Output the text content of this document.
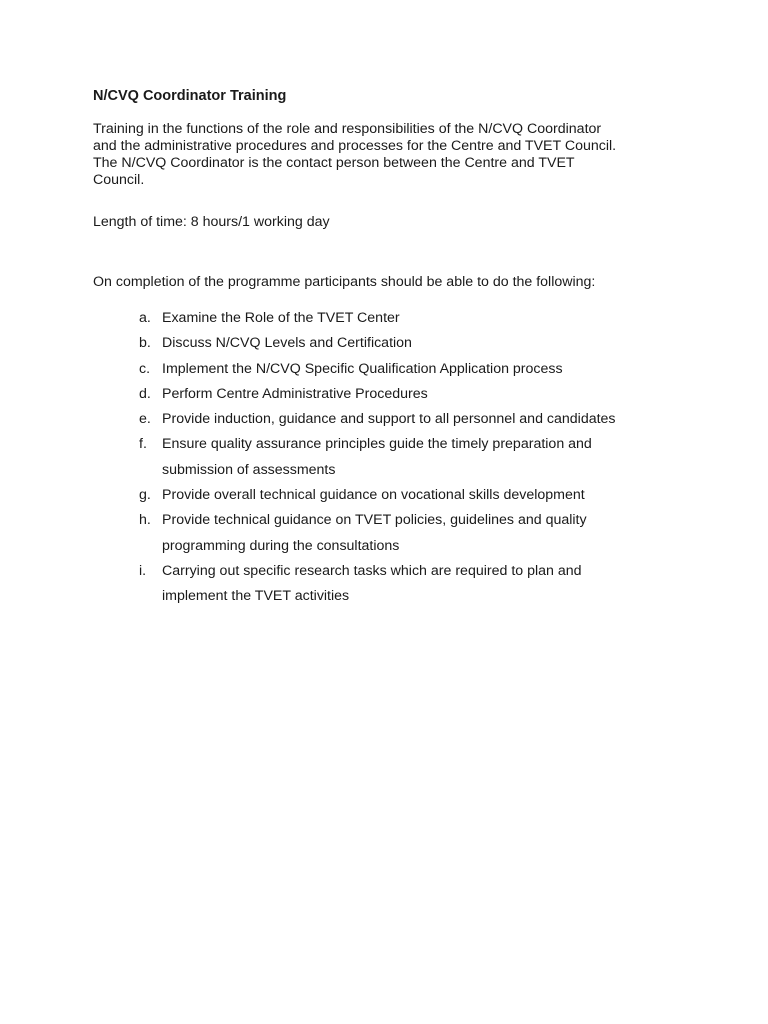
N/CVQ Coordinator Training
Training in the functions of the role and responsibilities of the N/CVQ Coordinator
and the administrative procedures and processes for the Centre and TVET Council.
The N/CVQ Coordinator is the contact person between the Centre and TVET
Council.
Length of time: 8 hours/1 working day
On completion of the programme participants should be able to do the following:
a. Examine the Role of the TVET Center
b. Discuss N/CVQ Levels and Certification
c. Implement the N/CVQ Specific Qualification Application process
d. Perform Centre Administrative Procedures
e. Provide induction, guidance and support to all personnel and candidates
f. Ensure quality assurance principles guide the timely preparation and
submission of assessments
g. Provide overall technical guidance on vocational skills development
h. Provide technical guidance on TVET policies, guidelines and quality
programming during the consultations
i. Carrying out specific research tasks which are required to plan and
implement the TVET activities
